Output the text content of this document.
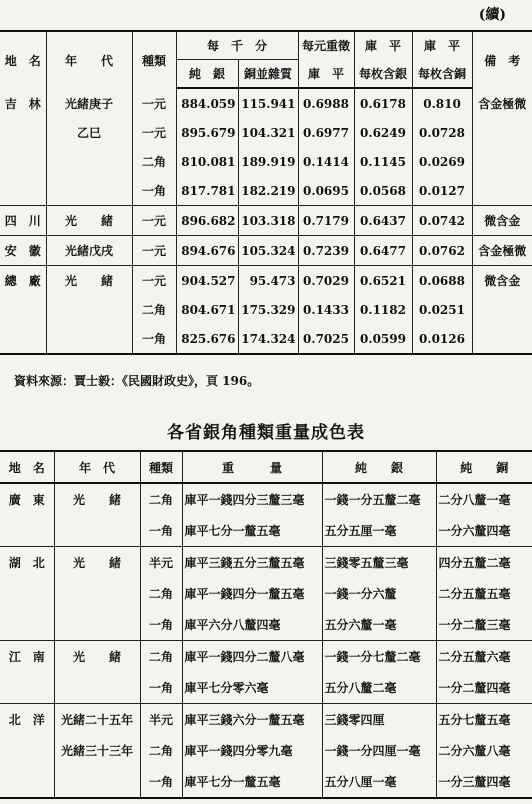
(續)
地　名	年　　代	種類	每　千　分		每元重徵	庫　平	庫　平	備　考
			純　銀	銅並雜質	庫　平	每枚含銀	每枚含銅	
吉　林	光緒庚子	一元	884.059	115.941	0.6988	0.6178	0.810	含金極微
	乙巳	一元	895.679	104.321	0.6977	0.6249	0.0728	
		二角	810.081	189.919	0.1414	0.1145	0.0269	
		一角	817.781	182.219	0.0695	0.0568	0.0127	
四　川	光　　緒	一元	896.682	103.318	0.7179	0.6437	0.0742	微含金
安　徽	光緒戊戌	一元	894.676	105.324	0.7239	0.6477	0.0762	含金極微
總　廠	光　　緒	一元	904.527	95.473	0.7029	0.6521	0.0688	微含金
		二角	804.671	175.329	0.1433	0.1182	0.0251	
		一角	825.676	174.324	0.7025	0.0599	0.0126	
資料來源：賈士毅：《民國財政史》，頁 196。
各省銀角種類重量成色表
地　名	年　代	種類	重　　　量	純　　銀	純　　銅
廣　東	光　　緒	二角	庫平一錢四分三釐三毫	一錢一分五釐二毫	二分八釐一毫
		一角	庫平七分一釐五毫	五分五厘一毫	一分六釐四毫
湖　北	光　　緒	半元	庫平三錢五分三釐五毫	三錢零五釐三毫	四分五釐二毫
		二角	庫平一錢四分一釐五毫	一錢一分六釐	二分五釐五毫
		一角	庫平六分八釐四毫	五分六釐一毫	一分二釐三毫
江　南	光　　緒	二角	庫平一錢四分二釐八毫	一錢一分七釐二毫	二分五釐六毫
		一角	庫平七分零六毫	五分八釐二毫	一分二釐四毫
北　洋	光緒二十五年	半元	庫平三錢六分一釐五毫	三錢零四厘	五分七釐五毫
	光緒三十三年	二角	庫平一錢四分零九毫	一錢一分四厘一毫	二分六釐八毫
		一角	庫平七分一釐五毫	五分八厘一毫	一分三釐四毫
